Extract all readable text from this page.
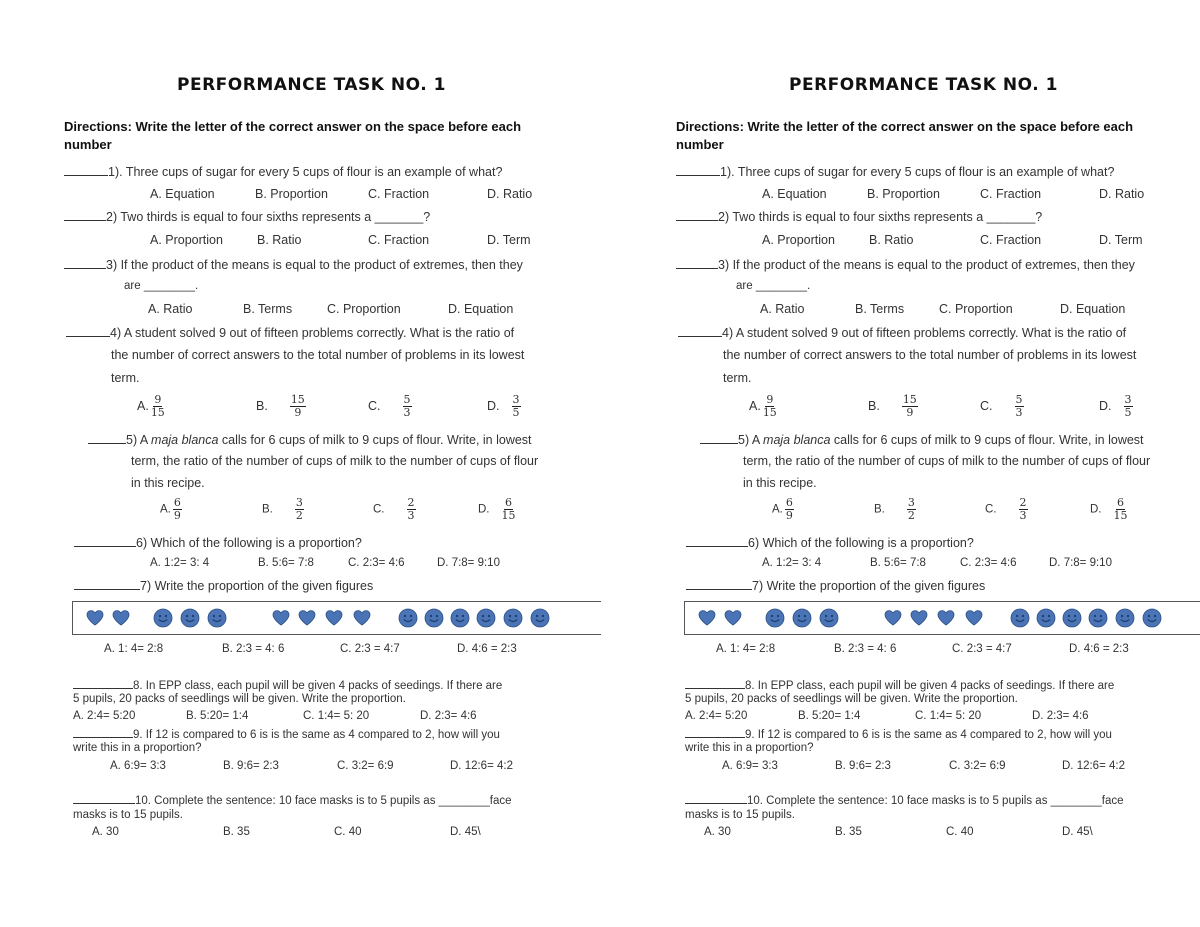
PERFORMANCE TASK NO. 1
Directions: Write the letter of the correct answer on the space before each number
1). Three cups of sugar for every 5 cups of flour is an example of what?
A. Equation	B. Proportion	C. Fraction	D. Ratio
2) Two thirds is equal to four sixths represents a _______?
A. Proportion	B. Ratio	C. Fraction	D. Term
3) If the product of the means is equal to the product of extremes, then they
are ________.
A. Ratio	B. Terms	C. Proportion	D. Equation
4) A student solved 9 out of fifteen problems correctly. What is the ratio of
the number of correct answers to the total number of problems in its lowest
term.
A. $\frac{9}{15}$	B. $\frac{15}{9}$	C. $\frac{5}{3}$	D. $\frac{3}{5}$
5) A maja blanca calls for 6 cups of milk to 9 cups of flour. Write, in lowest
term, the ratio of the number of cups of milk to the number of cups of flour
in this recipe.
A. $\frac{6}{9}$	B. $\frac{3}{2}$	C. $\frac{2}{3}$	D. $\frac{6}{15}$
6) Which of the following is a proportion?
A. 1:2= 3: 4	B. 5:6= 7:8	C. 2:3= 4:6	D. 7:8= 9:10
7) Write the proportion of the given figures
A. 1: 4= 2:8	B. 2:3 = 4: 6	C. 2:3 = 4:7	D. 4:6 = 2:3
8. In EPP class, each pupil will be given 4 packs of seedings. If there are
5 pupils, 20 packs of seedlings will be given. Write the proportion.
A. 2:4= 5:20	B. 5:20= 1:4	C. 1:4= 5: 20	D. 2:3= 4:6
9. If 12 is compared to 6 is is the same as 4 compared to 2, how will you
write this in a proportion?
A. 6:9= 3:3	B. 9:6= 2:3	C. 3:2= 6:9	D. 12:6= 4:2
10. Complete the sentence: 10 face masks is to 5 pupils as ________face
masks is to 15 pupils.
A. 30	B. 35	C. 40	D. 45\
PERFORMANCE TASK NO. 1
Directions: Write the letter of the correct answer on the space before each number
1). Three cups of sugar for every 5 cups of flour is an example of what?
A. Equation	B. Proportion	C. Fraction	D. Ratio
2) Two thirds is equal to four sixths represents a _______?
A. Proportion	B. Ratio	C. Fraction	D. Term
3) If the product of the means is equal to the product of extremes, then they
are ________.
A. Ratio	B. Terms	C. Proportion	D. Equation
4) A student solved 9 out of fifteen problems correctly. What is the ratio of
the number of correct answers to the total number of problems in its lowest
term.
A. $\frac{9}{15}$	B. $\frac{15}{9}$	C. $\frac{5}{3}$	D. $\frac{3}{5}$
5) A maja blanca calls for 6 cups of milk to 9 cups of flour. Write, in lowest
term, the ratio of the number of cups of milk to the number of cups of flour
in this recipe.
A. $\frac{6}{9}$	B. $\frac{3}{2}$	C. $\frac{2}{3}$	D. $\frac{6}{15}$
6) Which of the following is a proportion?
A. 1:2= 3: 4	B. 5:6= 7:8	C. 2:3= 4:6	D. 7:8= 9:10
7) Write the proportion of the given figures
A. 1: 4= 2:8	B. 2:3 = 4: 6	C. 2:3 = 4:7	D. 4:6 = 2:3
8. In EPP class, each pupil will be given 4 packs of seedings. If there are
5 pupils, 20 packs of seedlings will be given. Write the proportion.
A. 2:4= 5:20	B. 5:20= 1:4	C. 1:4= 5: 20	D. 2:3= 4:6
9. If 12 is compared to 6 is is the same as 4 compared to 2, how will you
write this in a proportion?
A. 6:9= 3:3	B. 9:6= 2:3	C. 3:2= 6:9	D. 12:6= 4:2
10. Complete the sentence: 10 face masks is to 5 pupils as ________face
masks is to 15 pupils.
A. 30	B. 35	C. 40	D. 45\
